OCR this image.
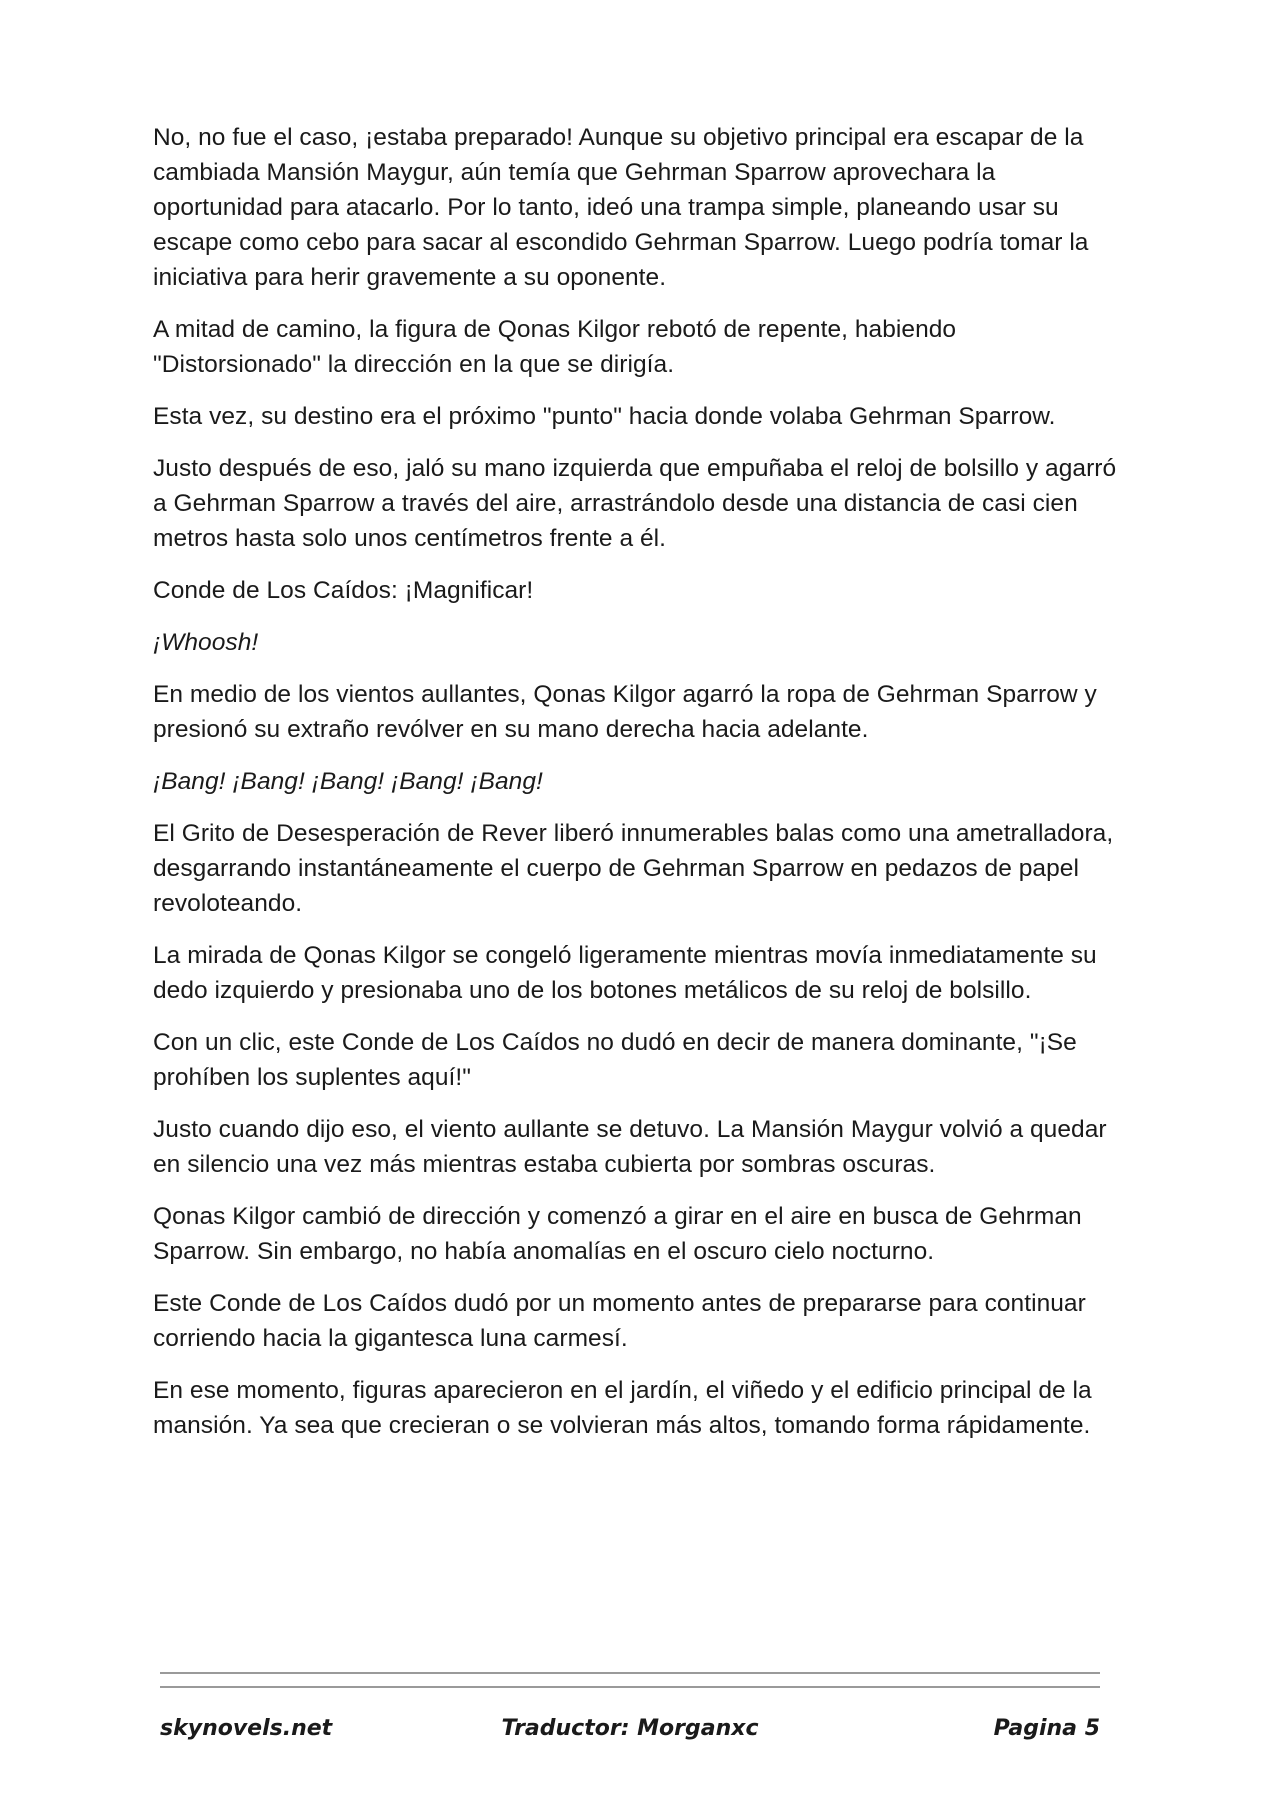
No, no fue el caso, ¡estaba preparado! Aunque su objetivo principal era escapar de la cambiada Mansión Maygur, aún temía que Gehrman Sparrow aprovechara la oportunidad para atacarlo. Por lo tanto, ideó una trampa simple, planeando usar su escape como cebo para sacar al escondido Gehrman Sparrow. Luego podría tomar la iniciativa para herir gravemente a su oponente.

A mitad de camino, la figura de Qonas Kilgor rebotó de repente, habiendo "Distorsionado" la dirección en la que se dirigía.

Esta vez, su destino era el próximo "punto" hacia donde volaba Gehrman Sparrow.

Justo después de eso, jaló su mano izquierda que empuñaba el reloj de bolsillo y agarró a Gehrman Sparrow a través del aire, arrastrándolo desde una distancia de casi cien metros hasta solo unos centímetros frente a él.

Conde de Los Caídos: ¡Magnificar!

¡Whoosh!

En medio de los vientos aullantes, Qonas Kilgor agarró la ropa de Gehrman Sparrow y presionó su extraño revólver en su mano derecha hacia adelante.

¡Bang! ¡Bang! ¡Bang! ¡Bang! ¡Bang!

El Grito de Desesperación de Rever liberó innumerables balas como una ametralladora, desgarrando instantáneamente el cuerpo de Gehrman Sparrow en pedazos de papel revoloteando.

La mirada de Qonas Kilgor se congeló ligeramente mientras movía inmediatamente su dedo izquierdo y presionaba uno de los botones metálicos de su reloj de bolsillo.

Con un clic, este Conde de Los Caídos no dudó en decir de manera dominante, "¡Se prohíben los suplentes aquí!"

Justo cuando dijo eso, el viento aullante se detuvo. La Mansión Maygur volvió a quedar en silencio una vez más mientras estaba cubierta por sombras oscuras.

Qonas Kilgor cambió de dirección y comenzó a girar en el aire en busca de Gehrman Sparrow. Sin embargo, no había anomalías en el oscuro cielo nocturno.

Este Conde de Los Caídos dudó por un momento antes de prepararse para continuar corriendo hacia la gigantesca luna carmesí.

En ese momento, figuras aparecieron en el jardín, el viñedo y el edificio principal de la mansión. Ya sea que crecieran o se volvieran más altos, tomando forma rápidamente.

skynovels.net	Traductor: Morganxc	Pagina 5
